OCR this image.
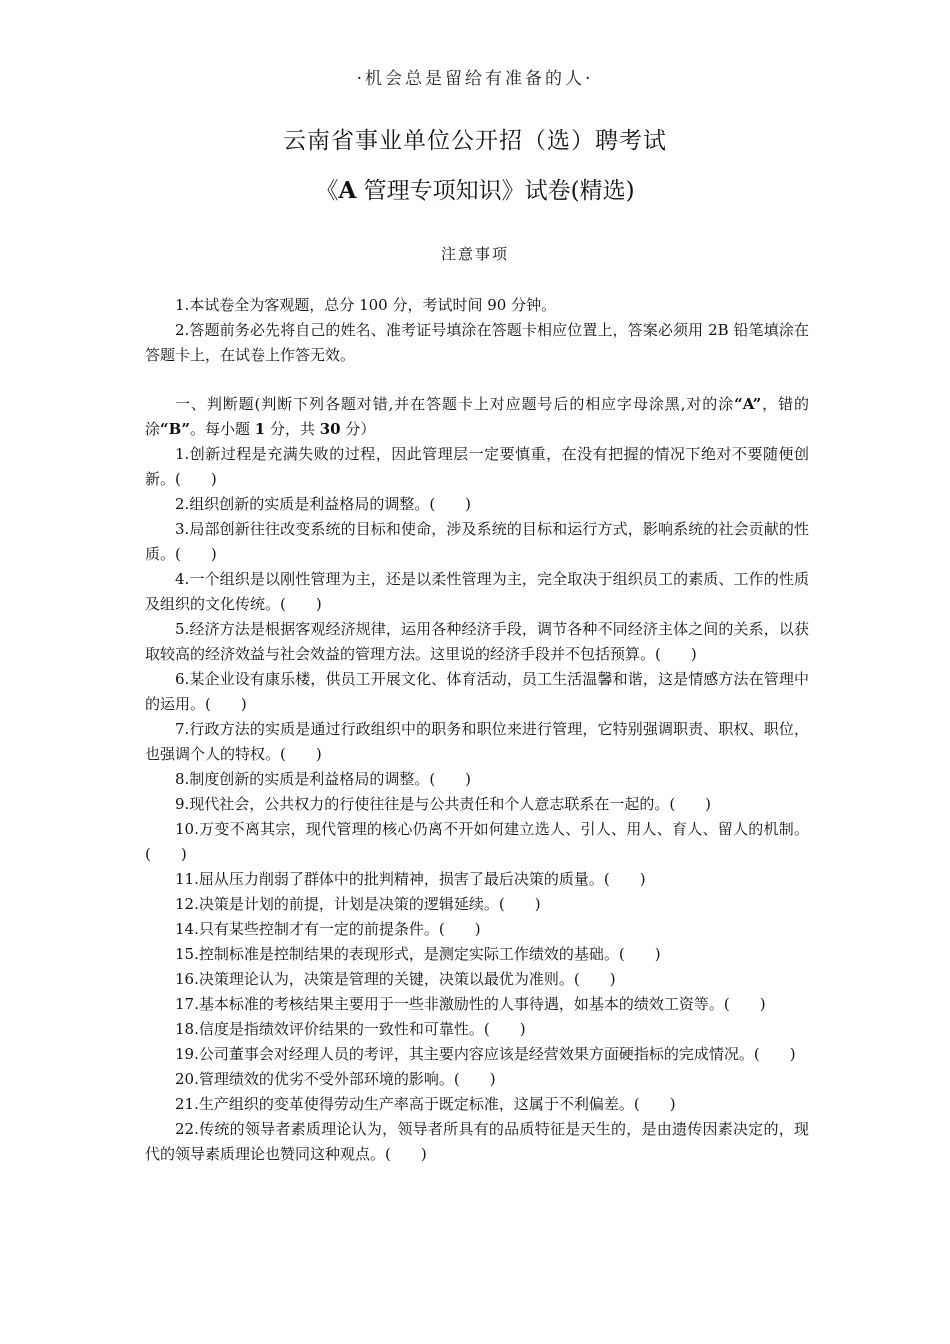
·机会总是留给有准备的人·
云南省事业单位公开招（选）聘考试
《A 管理专项知识》试卷(精选)
注意事项

1.本试卷全为客观题，总分 100 分，考试时间 90 分钟。

2.答题前务必先将自己的姓名、准考证号填涂在答题卡相应位置上，答案必须用 2B 铅笔填涂在答题卡上，在试卷上作答无效。

一、判断题(判断下列各题对错,并在答题卡上对应题号后的相应字母涂黑,对的涂“A”，错的涂“B”。每小题 1 分，共 30 分）

1.创新过程是充满失败的过程，因此管理层一定要慎重，在没有把握的情况下绝对不要随便创新。(　　)

2.组织创新的实质是利益格局的调整。(　　)

3.局部创新往往改变系统的目标和使命，涉及系统的目标和运行方式，影响系统的社会贡献的性质。(　　)

4.一个组织是以刚性管理为主，还是以柔性管理为主，完全取决于组织员工的素质、工作的性质及组织的文化传统。(　　)

5.经济方法是根据客观经济规律，运用各种经济手段，调节各种不同经济主体之间的关系，以获取较高的经济效益与社会效益的管理方法。这里说的经济手段并不包括预算。(　　)

6.某企业设有康乐楼，供员工开展文化、体育活动，员工生活温馨和谐，这是情感方法在管理中的运用。(　　)

7.行政方法的实质是通过行政组织中的职务和职位来进行管理，它特别强调职责、职权、职位，也强调个人的特权。(　　)

8.制度创新的实质是利益格局的调整。(　　)

9.现代社会，公共权力的行使往往是与公共责任和个人意志联系在一起的。(　　)

10.万变不离其宗，现代管理的核心仍离不开如何建立选人、引人、用人、育人、留人的机制。(　　)

11.屈从压力削弱了群体中的批判精神，损害了最后决策的质量。(　　)

12.决策是计划的前提，计划是决策的逻辑延续。(　　)

14.只有某些控制才有一定的前提条件。(　　)

15.控制标准是控制结果的表现形式，是测定实际工作绩效的基础。(　　)

16.决策理论认为，决策是管理的关键，决策以最优为准则。(　　)

17.基本标准的考核结果主要用于一些非激励性的人事待遇，如基本的绩效工资等。(　　)

18.信度是指绩效评价结果的一致性和可靠性。(　　)

19.公司董事会对经理人员的考评，其主要内容应该是经营效果方面硬指标的完成情况。(　　)

20.管理绩效的优劣不受外部环境的影响。(　　)

21.生产组织的变革使得劳动生产率高于既定标准，这属于不利偏差。(　　)

22.传统的领导者素质理论认为，领导者所具有的品质特征是天生的，是由遗传因素决定的，现代的领导素质理论也赞同这种观点。(　　)
